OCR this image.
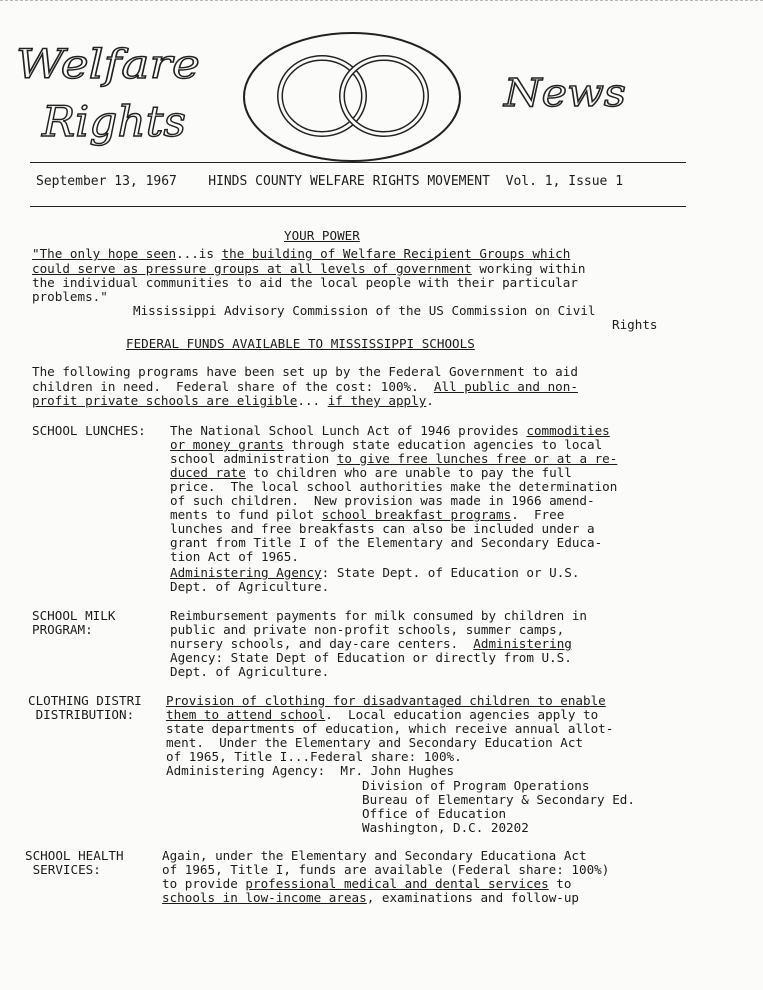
Welfare
Rights
News
September 13, 1967 HINDS COUNTY WELFARE RIGHTS MOVEMENT Vol. 1, Issue 1

YOUR POWER

"The only hope seen...is the building of Welfare Recipient Groups which

could serve as pressure groups at all levels of government working within

the individual communities to aid the local people with their particular

problems."

Mississippi Advisory Commission of the US Commission on Civil

Rights

FEDERAL FUNDS AVAILABLE TO MISSISSIPPI SCHOOLS

The following programs have been set up by the Federal Government to aid

children in need.  Federal share of the cost: 100%.  All public and non-

profit private schools are eligible... if they apply.

SCHOOL LUNCHES: The National School Lunch Act of 1946 provides commodities

or money grants through state education agencies to local

school administration to give free lunches free or at a re-

duced rate to children who are unable to pay the full

price.  The local school authorities make the determination

of such children.  New provision was made in 1966 amend-

ments to fund pilot school breakfast programs.  Free

lunches and free breakfasts can also be included under a

grant from Title I of the Elementary and Secondary Educa-

tion Act of 1965.

Administering Agency: State Dept. of Education or U.S.

Dept. of Agriculture.

SCHOOL MILK

PROGRAM:

Reimbursement payments for milk consumed by children in

public and private non-profit schools, summer camps,

nursery schools, and day-care centers.  Administering

Agency: State Dept of Education or directly from U.S.

Dept. of Agriculture.

CLOTHING DISTRI

DISTRIBUTION:

Provision of clothing for disadvantaged children to enable

them to attend school.  Local education agencies apply to

state departments of education, which receive annual allot-

ment.  Under the Elementary and Secondary Education Act

of 1965, Title I...Federal share: 100%.

Administering Agency:  Mr. John Hughes

Division of Program Operations

Bureau of Elementary & Secondary Ed.

Office of Education

Washington, D.C. 20202

SCHOOL HEALTH

SERVICES:

Again, under the Elementary and Secondary Educationa Act

of 1965, Title I, funds are available (Federal share: 100%)

to provide professional medical and dental services to

schools in low-income areas, examinations and follow-up
